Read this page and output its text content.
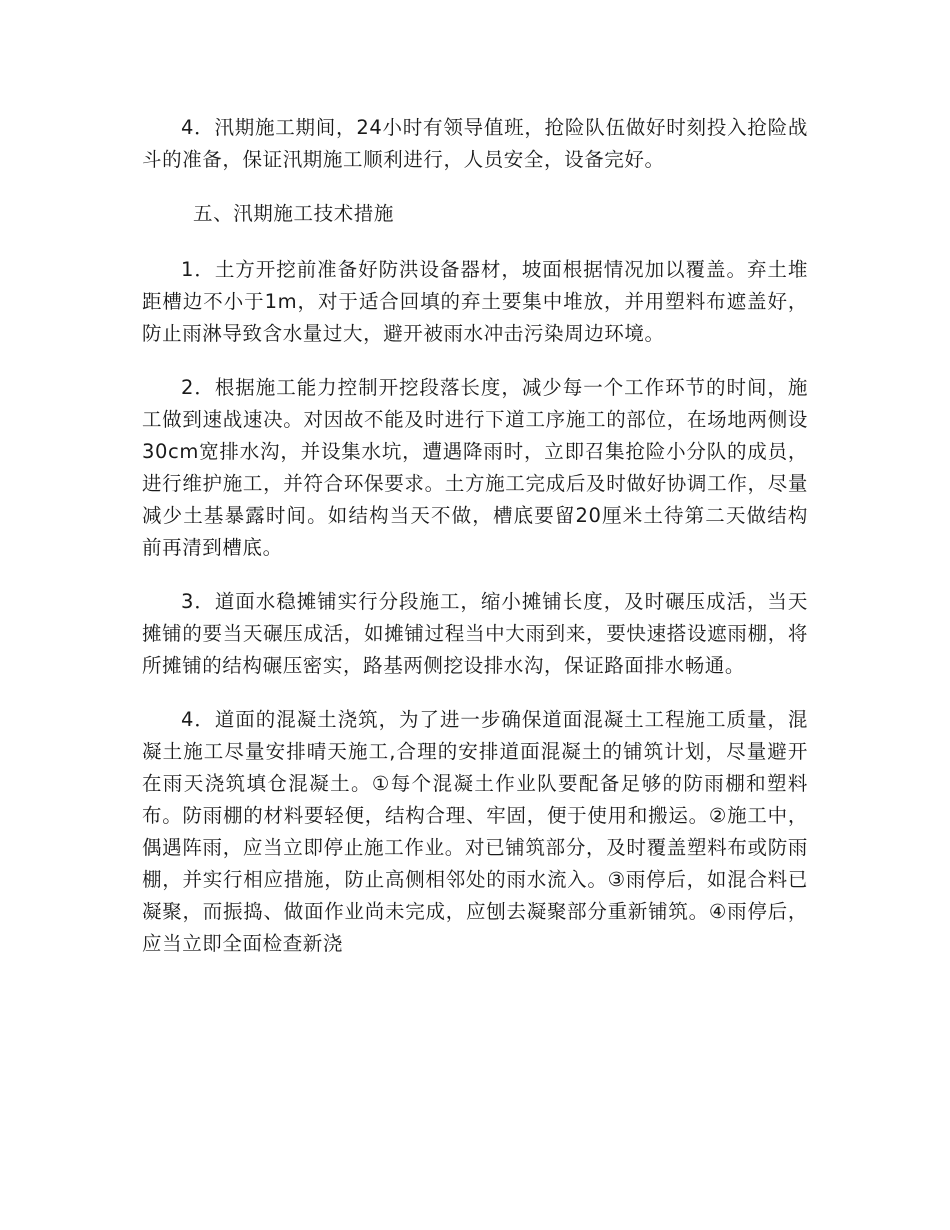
4．汛期施工期间，24小时有领导值班，抢险队伍做好时刻投入抢险战斗的准备，保证汛期施工顺利进行，人员安全，设备完好。

五、汛期施工技术措施

1．土方开挖前准备好防洪设备器材，坡面根据情况加以覆盖。弃土堆距槽边不小于1m，对于适合回填的弃土要集中堆放，并用塑料布遮盖好，防止雨淋导致含水量过大，避开被雨水冲击污染周边环境。

2．根据施工能力控制开挖段落长度，减少每一个工作环节的时间，施工做到速战速决。对因故不能及时进行下道工序施工的部位，在场地两侧设30cm宽排水沟，并设集水坑，遭遇降雨时，立即召集抢险小分队的成员，进行维护施工，并符合环保要求。土方施工完成后及时做好协调工作，尽量减少土基暴露时间。如结构当天不做，槽底要留20厘米土待第二天做结构前再清到槽底。

3．道面水稳摊铺实行分段施工，缩小摊铺长度，及时碾压成活，当天摊铺的要当天碾压成活，如摊铺过程当中大雨到来，要快速搭设遮雨棚，将所摊铺的结构碾压密实，路基两侧挖设排水沟，保证路面排水畅通。

4．道面的混凝土浇筑，为了进一步确保道面混凝土工程施工质量，混凝土施工尽量安排晴天施工,合理的安排道面混凝土的铺筑计划，尽量避开在雨天浇筑填仓混凝土。①每个混凝土作业队要配备足够的防雨棚和塑料布。防雨棚的材料要轻便，结构合理、牢固，便于使用和搬运。②施工中，偶遇阵雨，应当立即停止施工作业。对已铺筑部分，及时覆盖塑料布或防雨棚，并实行相应措施，防止高侧相邻处的雨水流入。③雨停后，如混合料已凝聚，而振捣、做面作业尚未完成，应刨去凝聚部分重新铺筑。④雨停后，应当立即全面检查新浇
